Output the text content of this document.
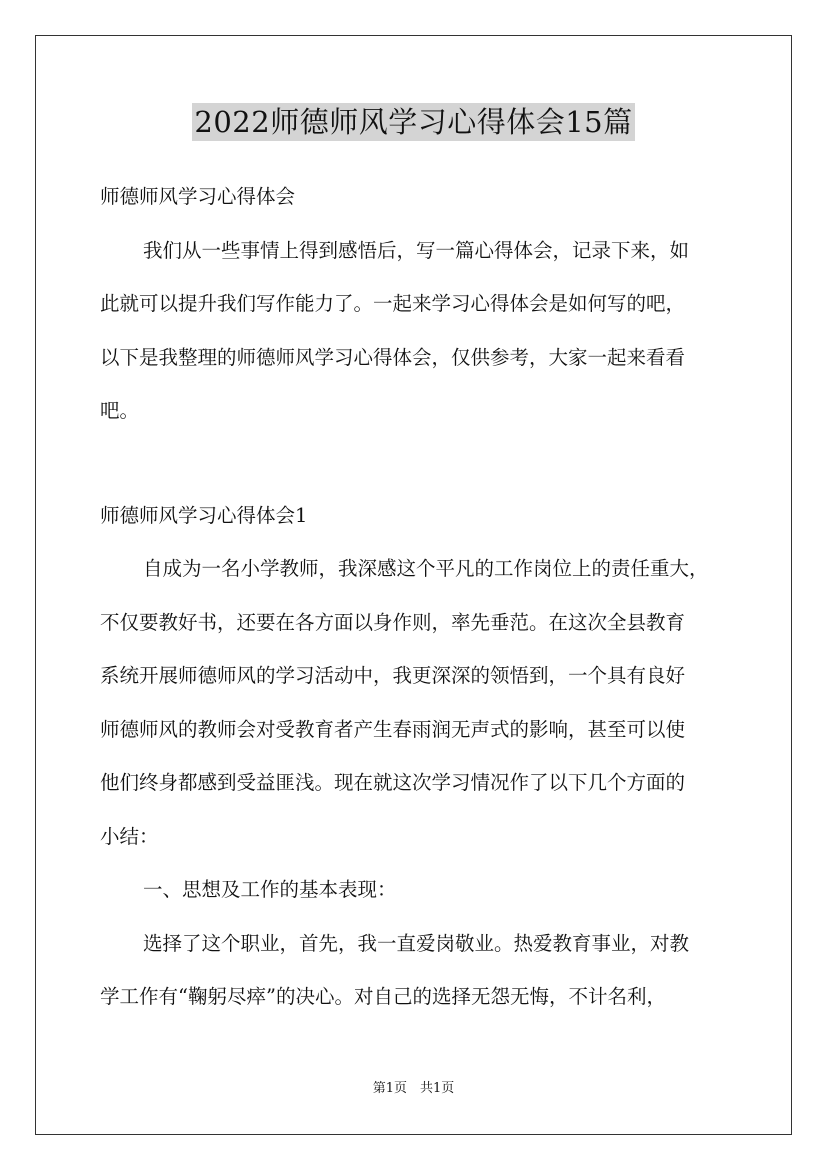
2022师德师风学习心得体会15篇
师德师风学习心得体会
我们从一些事情上得到感悟后，写一篇心得体会，记录下来，如
此就可以提升我们写作能力了。一起来学习心得体会是如何写的吧，
以下是我整理的师德师风学习心得体会，仅供参考，大家一起来看看
吧。
师德师风学习心得体会1
自成为一名小学教师，我深感这个平凡的工作岗位上的责任重大，
不仅要教好书，还要在各方面以身作则，率先垂范。在这次全县教育
系统开展师德师风的学习活动中，我更深深的领悟到，一个具有良好
师德师风的教师会对受教育者产生春雨润无声式的影响，甚至可以使
他们终身都感到受益匪浅。现在就这次学习情况作了以下几个方面的
小结：
一、思想及工作的基本表现：
选择了这个职业，首先，我一直爱岗敬业。热爱教育事业，对教
学工作有“鞠躬尽瘁”的决心。对自己的选择无怨无悔，不计名利，
第1页　共1页
